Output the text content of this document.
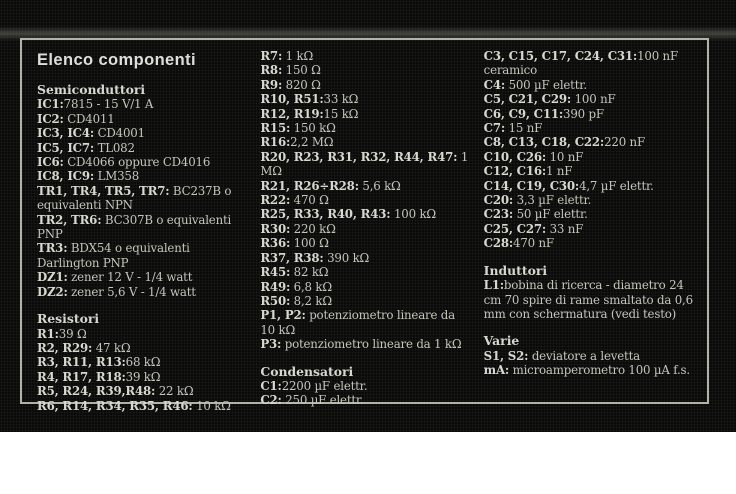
Elenco componenti
Semiconduttori
IC1:7815 - 15 V/1 A
IC2: CD4011
IC3, IC4: CD4001
IC5, IC7: TL082
IC6: CD4066 oppure CD4016
IC8, IC9: LM358
TR1, TR4, TR5, TR7: BC237B o equivalenti NPN
TR2, TR6: BC307B o equivalenti PNP
TR3: BDX54 o equivalenti Darlington PNP
DZ1: zener 12 V - 1/4 watt
DZ2: zener 5,6 V - 1/4 watt
Resistori
R1:39 Ω
R2, R29: 47 kΩ
R3, R11, R13:68 kΩ
R4, R17, R18:39 kΩ
R5, R24, R39,R48: 22 kΩ
R6, R14, R34, R35, R46: 10 kΩ
R7: 1 kΩ
R8: 150 Ω
R9: 820 Ω
R10, R51:33 kΩ
R12, R19:15 kΩ
R15: 150 kΩ
R16:2,2 MΩ
R20, R23, R31, R32, R44, R47: 1 MΩ
R21, R26÷R28: 5,6 kΩ
R22: 470 Ω
R25, R33, R40, R43: 100 kΩ
R30: 220 kΩ
R36: 100 Ω
R37, R38: 390 kΩ
R45: 82 kΩ
R49: 6,8 kΩ
R50: 8,2 kΩ
P1, P2: potenziometro lineare da 10 kΩ
P3: potenziometro lineare da 1 kΩ
Condensatori
C1:2200 µF elettr.
C2: 250 µF elettr.
C3, C15, C17, C24, C31:100 nF ceramico
C4: 500 µF elettr.
C5, C21, C29: 100 nF
C6, C9, C11:390 pF
C7: 15 nF
C8, C13, C18, C22:220 nF
C10, C26: 10 nF
C12, C16:1 nF
C14, C19, C30:4,7 µF elettr.
C20: 3,3 µF elettr.
C23: 50 µF elettr.
C25, C27: 33 nF
C28:470 nF
Induttori
L1:bobina di ricerca - diametro 24 cm 70 spire di rame smaltato da 0,6 mm con schermatura (vedi testo)
Varie
S1, S2: deviatore a levetta
mA: microamperometro 100 µA f.s.
